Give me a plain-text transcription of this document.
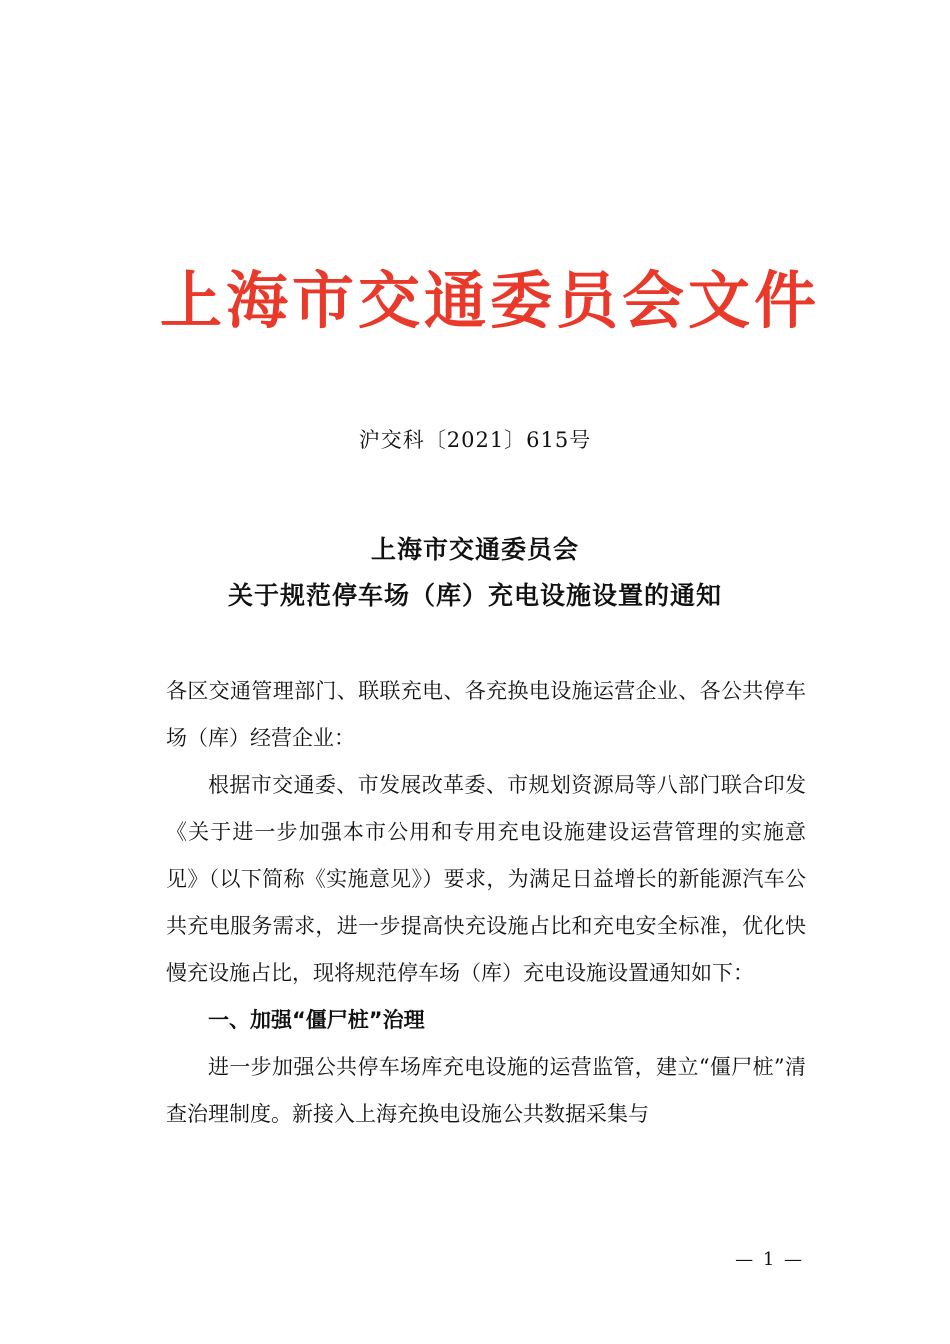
上海市交通委员会文件
沪交科〔2021〕615号
上海市交通委员会
关于规范停车场（库）充电设施设置的通知

各区交通管理部门、联联充电、各充换电设施运营企业、各公共停车场（库）经营企业：

根据市交通委、市发展改革委、市规划资源局等八部门联合印发《关于进一步加强本市公用和专用充电设施建设运营管理的实施意见》（以下简称《实施意见》）要求，为满足日益增长的新能源汽车公共充电服务需求，进一步提高快充设施占比和充电安全标准，优化快慢充设施占比，现将规范停车场（库）充电设施设置通知如下：

一、加强“僵尸桩”治理

进一步加强公共停车场库充电设施的运营监管，建立“僵尸桩”清查治理制度。新接入上海充换电设施公共数据采集与

— 1 —
